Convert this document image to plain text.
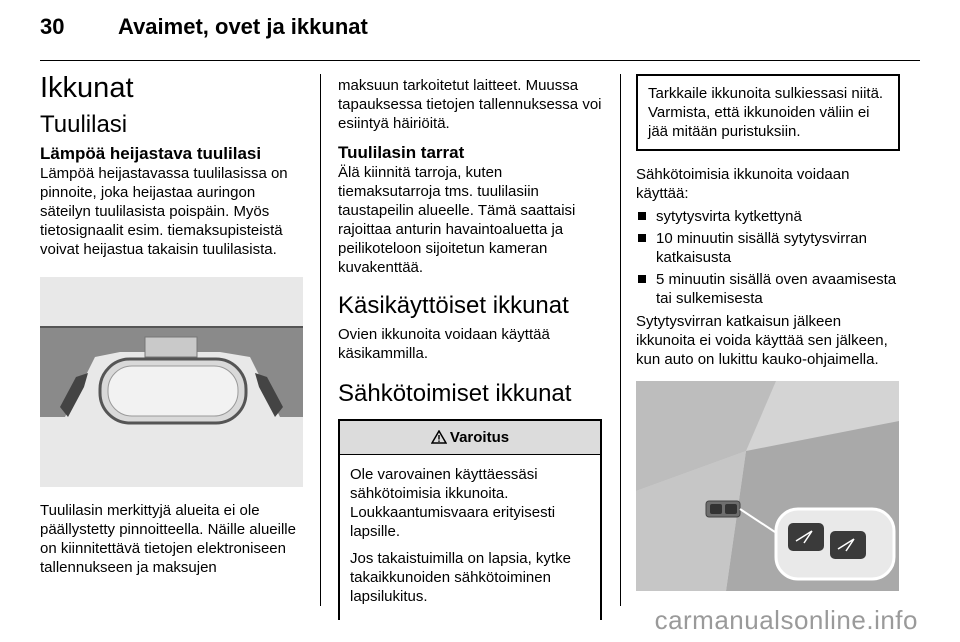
30 Avaimet, ovet ja ikkunat
Ikkunat
Tuulilasi
Lämpöä heijastava tuulilasi

Lämpöä heijastavassa tuulilasissa on pinnoite, joka heijastaa auringon säteilyn tuulilasista poispäin. Myös tietosignaalit esim. tiemaksupisteistä voivat heijastua takaisin tuulilasista.

Tuulilasin merkittyjä alueita ei ole päällystetty pinnoitteella. Näille alueille on kiinnitettävä tietojen elektroniseen tallennukseen ja maksujen

maksuun tarkoitetut laitteet. Muussa tapauksessa tietojen tallennuksessa voi esiintyä häiriöitä.

Tuulilasin tarrat

Älä kiinnitä tarroja, kuten tiemaksutarroja tms. tuulilasiin taustapeilin alueelle. Tämä saattaisi rajoittaa anturin havaintoaluetta ja peilikoteloon sijoitetun kameran kuvakenttää.

Käsikäyttöiset ikkunat

Ovien ikkunoita voidaan käyttää käsikammilla.

Sähkötoimiset ikkunat
Varoitus

Ole varovainen käyttäessäsi sähkötoimisia ikkunoita. Loukkaantumisvaara erityisesti lapsille.

Jos takaistuimilla on lapsia, kytke takaikkunoiden sähkötoiminen lapsilukitus.

Tarkkaile ikkunoita sulkiessasi niitä. Varmista, että ikkunoiden väliin ei jää mitään puristuksiin.

Sähkötoimisia ikkunoita voidaan käyttää:

sytytysvirta kytkettynä
10 minuutin sisällä sytytysvirran katkaisusta
5 minuutin sisällä oven avaamisesta tai sulkemisesta

Sytytysvirran katkaisun jälkeen ikkunoita ei voida käyttää sen jälkeen, kun auto on lukittu kauko-ohjaimella.

carmanualsonline.info
